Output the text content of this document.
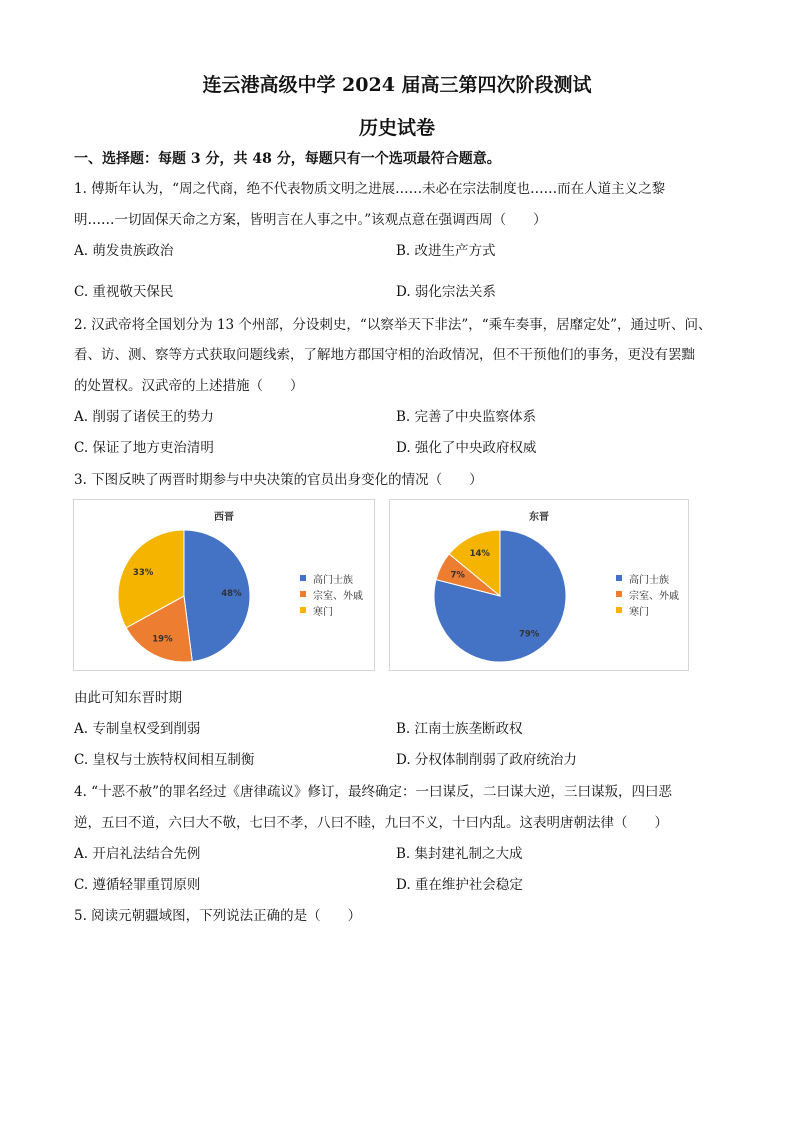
连云港高级中学 2024 届高三第四次阶段测试
历史试卷
一、选择题：每题 3 分，共 48 分，每题只有一个选项最符合题意。
1. 傅斯年认为，“周之代商，绝不代表物质文明之进展……未必在宗法制度也……而在人道主义之黎
明……一切固保天命之方案，皆明言在人事之中。”该观点意在强调西周（　　）
A. 萌发贵族政治	B. 改进生产方式
C. 重视敬天保民	D. 弱化宗法关系
2. 汉武帝将全国划分为 13 个州部，分设刺史，“以察举天下非法”，“乘车奏事，居靡定处”，通过听、问、
看、访、测、察等方式获取问题线索，了解地方郡国守相的治政情况，但不干预他们的事务，更没有罢黜
的处置权。汉武帝的上述措施（　　）
A. 削弱了诸侯王的势力	B. 完善了中央监察体系
C. 保证了地方吏治清明	D. 强化了中央政府权威
3. 下图反映了两晋时期参与中央决策的官员出身变化的情况（　　）
西晋
48%
19%
33%
高门士族
宗室、外戚
寒门
东晋
79%
7%
14%
高门士族
宗室、外戚
寒门
由此可知东晋时期
A. 专制皇权受到削弱	B. 江南士族垄断政权
C. 皇权与士族特权间相互制衡	D. 分权体制削弱了政府统治力
4. “十恶不赦”的罪名经过《唐律疏议》修订，最终确定：一曰谋反，二曰谋大逆，三曰谋叛，四曰恶
逆，五曰不道，六曰大不敬，七曰不孝，八曰不睦，九曰不义，十曰内乱。这表明唐朝法律（　　）
A. 开启礼法结合先例	B. 集封建礼制之大成
C. 遵循轻罪重罚原则	D. 重在维护社会稳定
5. 阅读元朝疆域图，下列说法正确的是（　　）
